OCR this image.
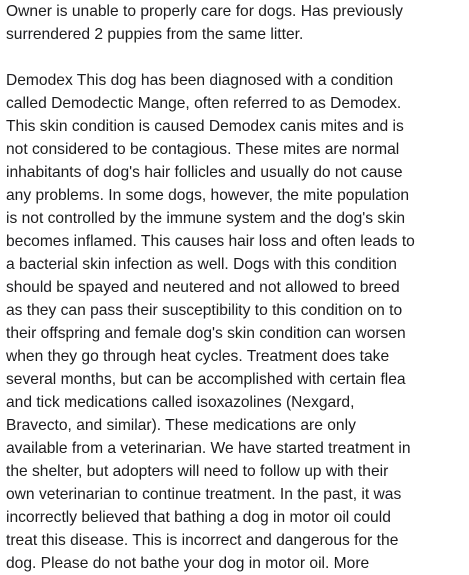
Owner is unable to properly care for dogs. Has previously
surrendered 2 puppies from the same litter.

Demodex This dog has been diagnosed with a condition
called Demodectic Mange, often referred to as Demodex.
This skin condition is caused Demodex canis mites and is
not considered to be contagious. These mites are normal
inhabitants of dog's hair follicles and usually do not cause
any problems. In some dogs, however, the mite population
is not controlled by the immune system and the dog's skin
becomes inflamed. This causes hair loss and often leads to
a bacterial skin infection as well. Dogs with this condition
should be spayed and neutered and not allowed to breed
as they can pass their susceptibility to this condition on to
their offspring and female dog's skin condition can worsen
when they go through heat cycles. Treatment does take
several months, but can be accomplished with certain flea
and tick medications called isoxazolines (Nexgard,
Bravecto, and similar). These medications are only
available from a veterinarian. We have started treatment in
the shelter, but adopters will need to follow up with their
own veterinarian to continue treatment. In the past, it was
incorrectly believed that bathing a dog in motor oil could
treat this disease. This is incorrect and dangerous for the
dog. Please do not bathe your dog in motor oil. More
